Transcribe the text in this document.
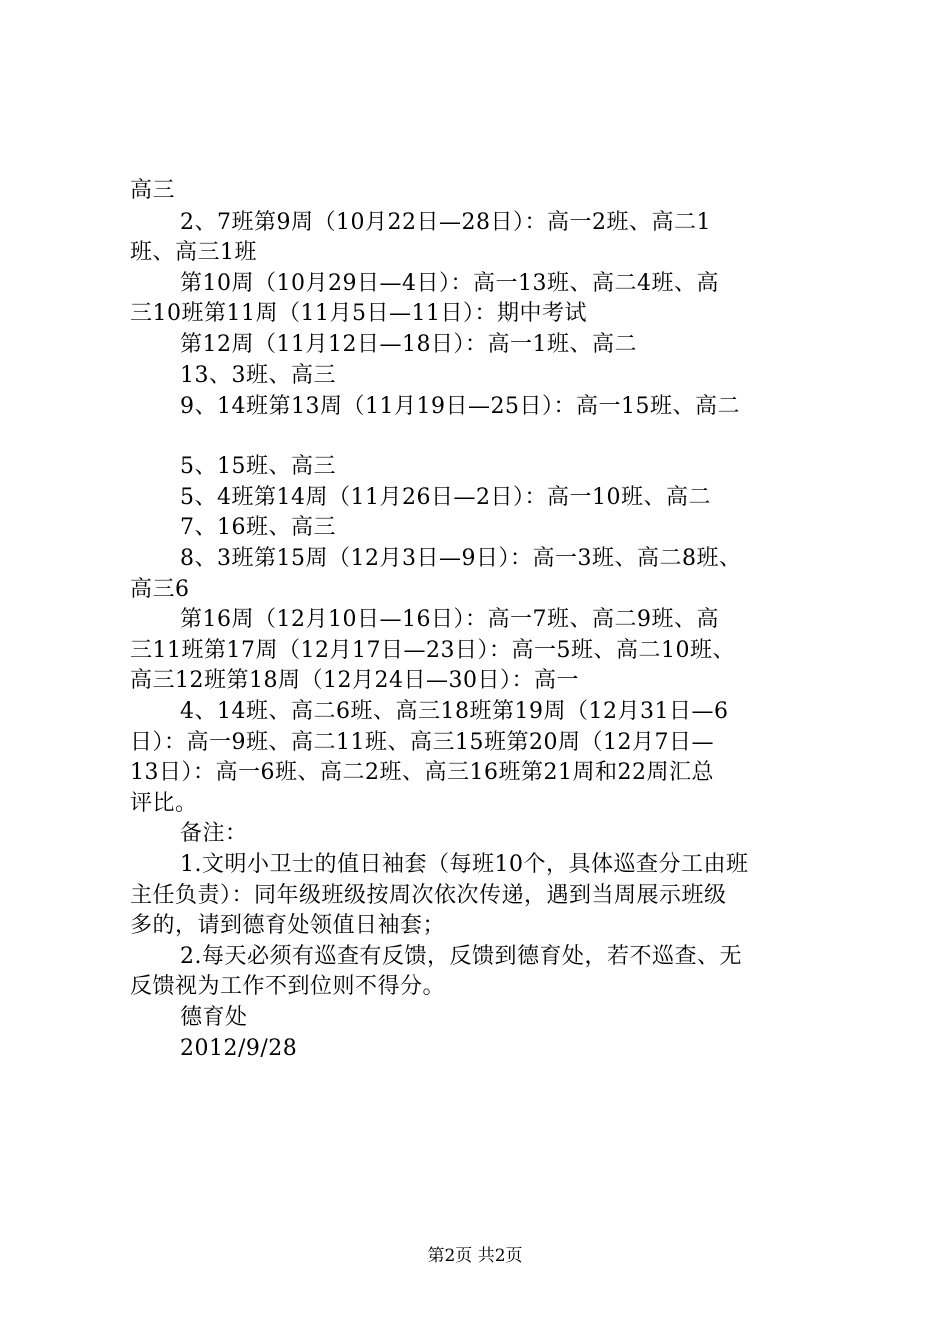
高三
2、7班第9周（10月22日—28日）：高一2班、高二1
班、高三1班
第10周（10月29日—4日）：高一13班、高二4班、高
三10班第11周（11月5日—11日）：期中考试
第12周（11月12日—18日）：高一1班、高二
13、3班、高三
9、14班第13周（11月19日—25日）：高一15班、高二
5、15班、高三
5、4班第14周（11月26日—2日）：高一10班、高二
7、16班、高三
8、3班第15周（12月3日—9日）：高一3班、高二8班、
高三6
第16周（12月10日—16日）：高一7班、高二9班、高
三11班第17周（12月17日—23日）：高一5班、高二10班、
高三12班第18周（12月24日—30日）：高一
4、14班、高二6班、高三18班第19周（12月31日—6
日）：高一9班、高二11班、高三15班第20周（12月7日—
13日）：高一6班、高二2班、高三16班第21周和22周汇总
评比。
备注：
1.文明小卫士的值日袖套（每班10个，具体巡查分工由班
主任负责）：同年级班级按周次依次传递，遇到当周展示班级
多的，请到德育处领值日袖套；
2.每天必须有巡查有反馈，反馈到德育处，若不巡查、无
反馈视为工作不到位则不得分。
德育处
2012/9/28
第2页 共2页
